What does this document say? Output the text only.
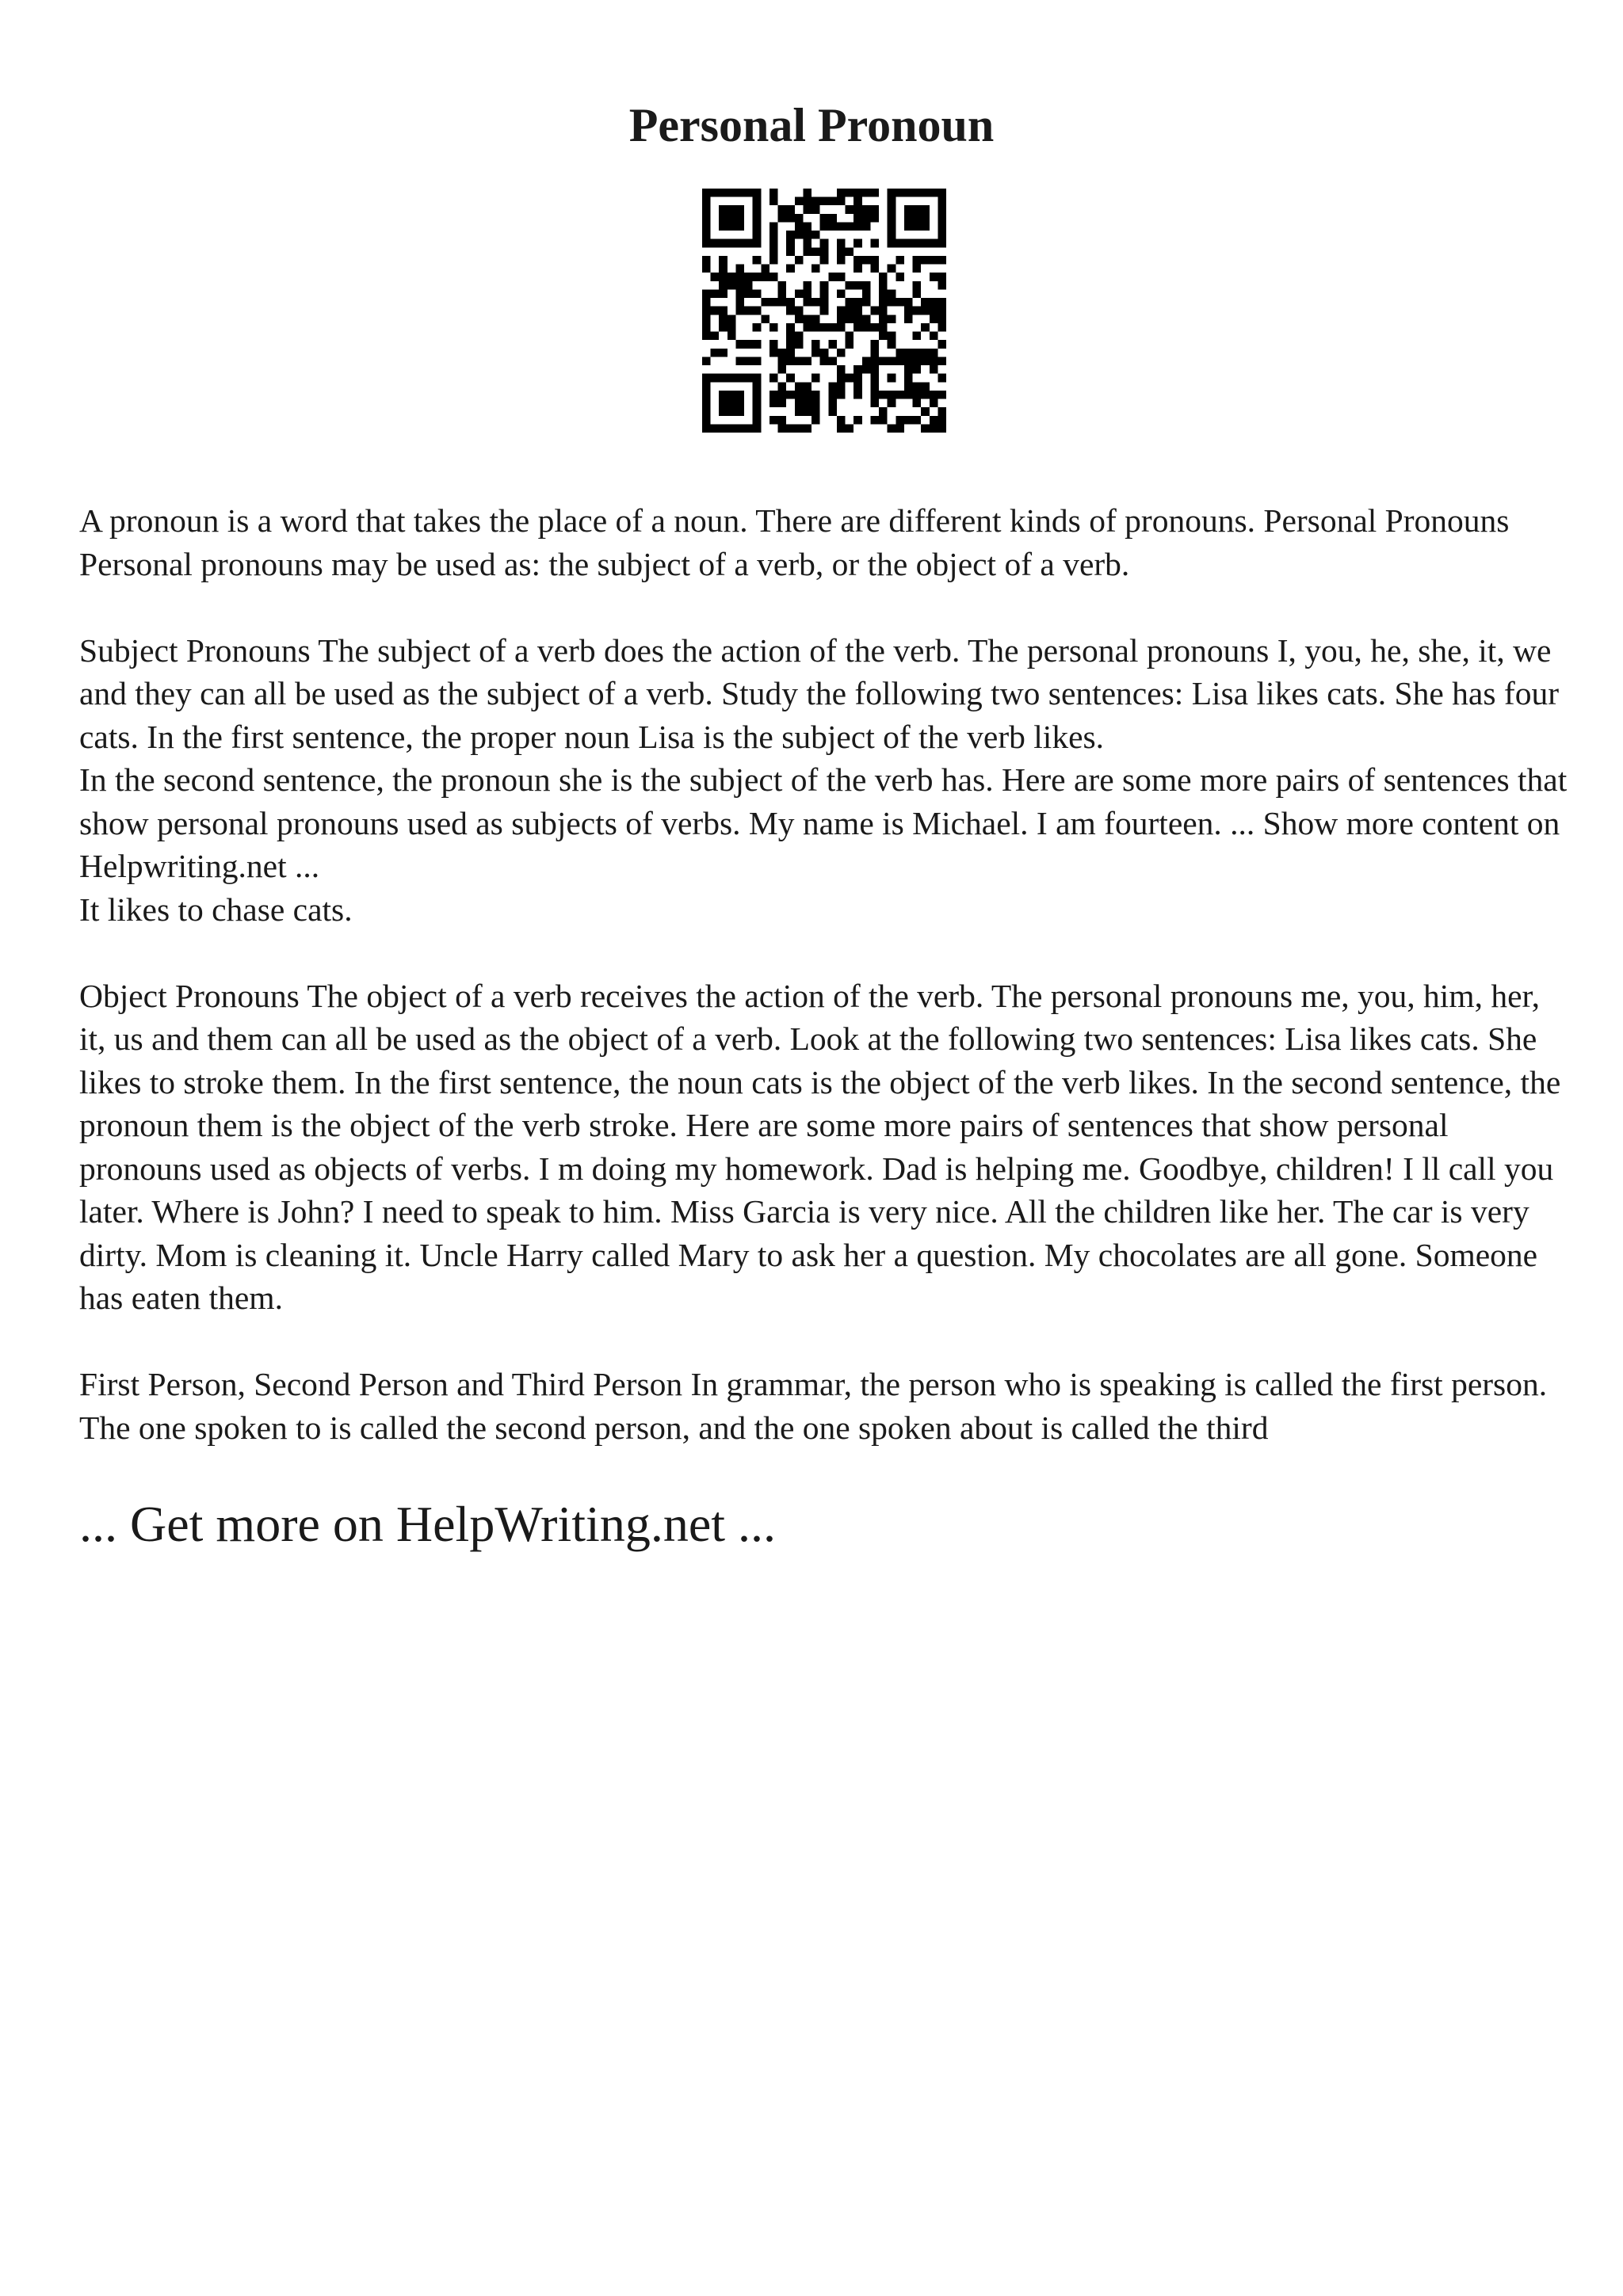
Personal Pronoun
A pronoun is a word that takes the place of a noun. There are different kinds of pronouns. Personal Pronouns Personal pronouns may be used as: the subject of a verb, or the object of a verb.
Subject Pronouns The subject of a verb does the action of the verb. The personal pronouns I, you, he, she, it, we and they can all be used as the subject of a verb. Study the following two sentences: Lisa likes cats. She has four cats. In the first sentence, the proper noun Lisa is the subject of the verb likes.
In the second sentence, the pronoun she is the subject of the verb has. Here are some more pairs of sentences that show personal pronouns used as subjects of verbs. My name is Michael. I am fourteen. ... Show more content on Helpwriting.net ...
It likes to chase cats.
Object Pronouns The object of a verb receives the action of the verb. The personal pronouns me, you, him, her, it, us and them can all be used as the object of a verb. Look at the following two sentences: Lisa likes cats. She likes to stroke them. In the first sentence, the noun cats is the object of the verb likes. In the second sentence, the pronoun them is the object of the verb stroke. Here are some more pairs of sentences that show personal pronouns used as objects of verbs. I m doing my homework. Dad is helping me. Goodbye, children! I ll call you later. Where is John? I need to speak to him. Miss Garcia is very nice. All the children like her. The car is very dirty. Mom is cleaning it. Uncle Harry called Mary to ask her a question. My chocolates are all gone. Someone has eaten them.
First Person, Second Person and Third Person In grammar, the person who is speaking is called the first person. The one spoken to is called the second person, and the one spoken about is called the third

... Get more on HelpWriting.net ...
